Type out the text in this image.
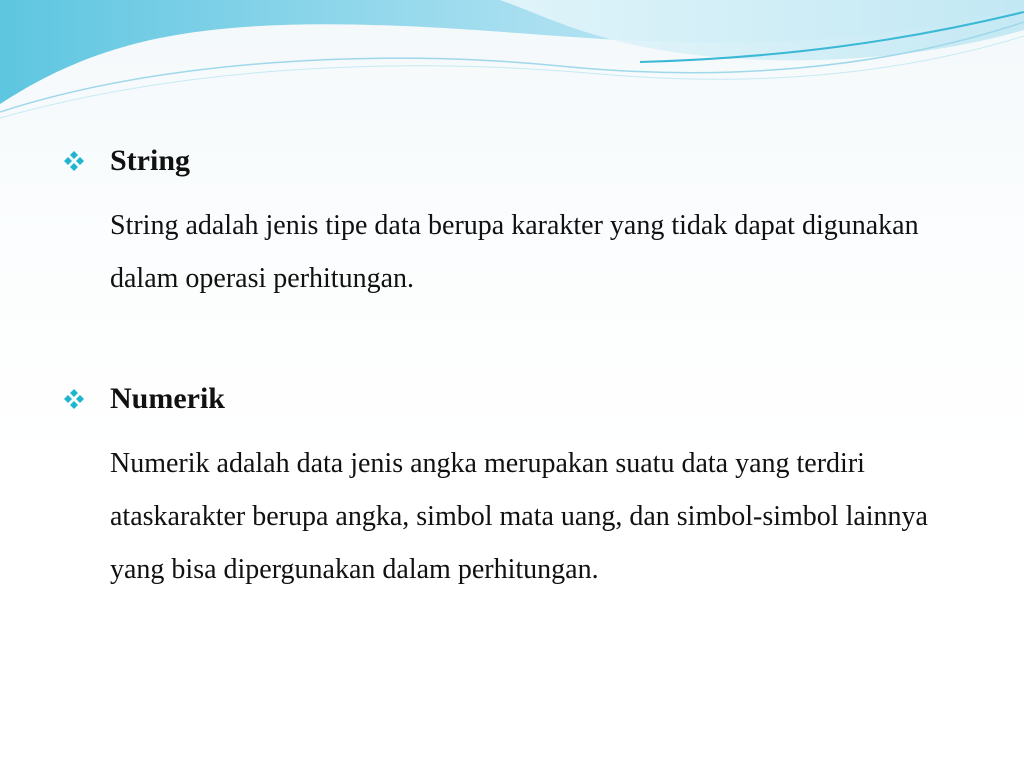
String
String adalah jenis tipe data berupa karakter yang tidak dapat digunakan dalam operasi perhitungan.
Numerik
Numerik adalah data jenis angka merupakan suatu data yang terdiri ataskarakter berupa angka, simbol mata uang, dan simbol-simbol lainnya yang bisa dipergunakan dalam perhitungan.
